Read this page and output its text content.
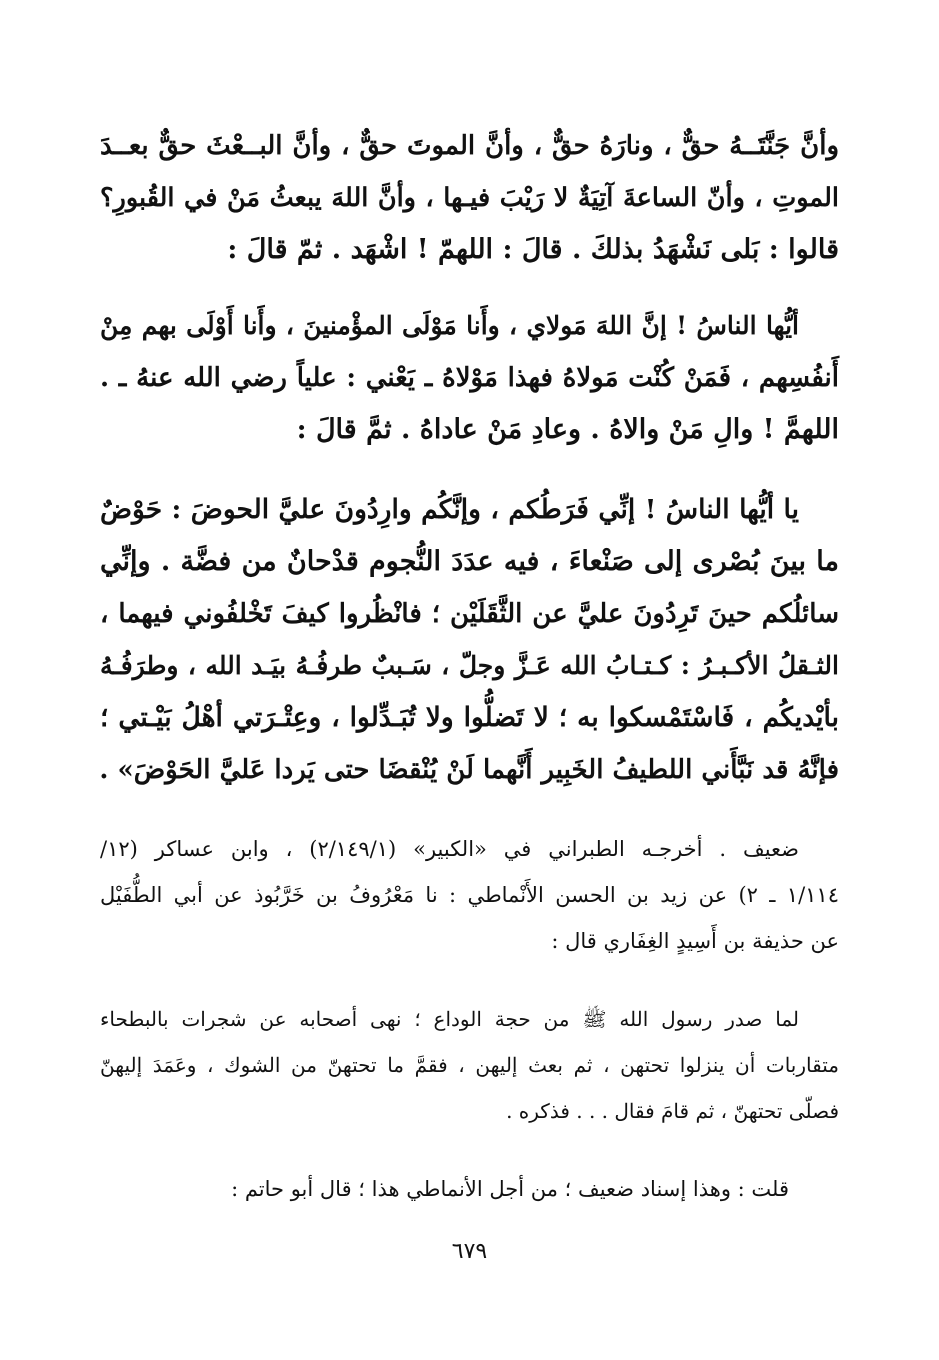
وأنَّ جَنَّتَــهُ حقٌّ ، ونارَهُ حقٌّ ، وأنَّ الموتَ حقٌّ ، وأنَّ البــعْثَ حقٌّ بعــدَ
الموتِ ، وأنّ الساعةَ آتِيَةٌ لا رَيْبَ فيـها ، وأنَّ اللهَ يبعثُ مَنْ في القُبورِ؟
قالوا : بَلى نَشْهَدُ بذلكَ . قالَ : اللهمّ ! اشْهَد . ثمّ قالَ :
أيُّها الناسُ ! إنَّ اللهَ مَولاي ، وأَنا مَوْلَى المؤْمنينَ ، وأَنا أَوْلَى بهم مِنْ
أَنفُسِهم ، فَمَنْ كُنْت مَولاهُ فهذا مَوْلاهُ ـ يَعْني : علياً رضي الله عنهُ ـ .
اللهمَّ ! والِ مَنْ والاهُ . وعادِ مَنْ عاداهُ . ثمَّ قالَ :
يا أيُّها الناسُ ! إنِّي فَرَطُكم ، وإنَّكُم وارِدُونَ عليَّ الحوضَ : حَوْضٌ
ما بينَ بُصْرى إلى صَنْعاءَ ، فيه عدَدَ النُّجوم قدْحانٌ من فضَّة . وإنِّي
سائلُكم حينَ تَرِدُونَ عليَّ عن الثَّقَلَيْن ؛ فانْظُروا كيفَ تَخْلفُوني فيهما ،
الثـقلُ الأكـبـرُ : كـتـابُ الله عَـزَّ وجلّ ، سَـببٌ طرفُـهُ بيَـد الله ، وطرَفُـهُ
بأيْديكُم ، فَاسْتَمْسكوا به ؛ لا تَضلُّوا ولا تُبَـدِّلوا ، وعِتْـرَتي أهْلُ بَيْـتي ؛
فإنَّهُ قد نَبَّأَني اللطيفُ الخَبِير أَنَّهما لَنْ يُنْقضَا حتى يَردا عَليَّ الحَوْضَ» .
ضعيف . أخرجـه الطبراني في «الكبير» (٢/١٤٩/١) ، وابن عساكر (١٢/
١/١١٤ ـ ٢) عن زيد بن الحسن الأَنْماطي : نا مَعْرُوفُ بن خَرَّبُوذ عن أبي الطُّفَيْل
عن حذيفة بن أَسِيدٍ الغِفَاري قال :
لما صدر رسول الله ﷺ من حجة الوداع ؛ نهى أصحابه عن شجرات بالبطحاء
متقاربات أن ينزلوا تحتهن ، ثم بعث إليهن ، فقمَّ ما تحتهنّ من الشوك ، وعَمَدَ إليهنّ
فصلّى تحتهنّ ، ثم قامَ فقال . . . فذكره .
قلت : وهذا إسناد ضعيف ؛ من أجل الأنماطي هذا ؛ قال أبو حاتم :
٦٧٩
